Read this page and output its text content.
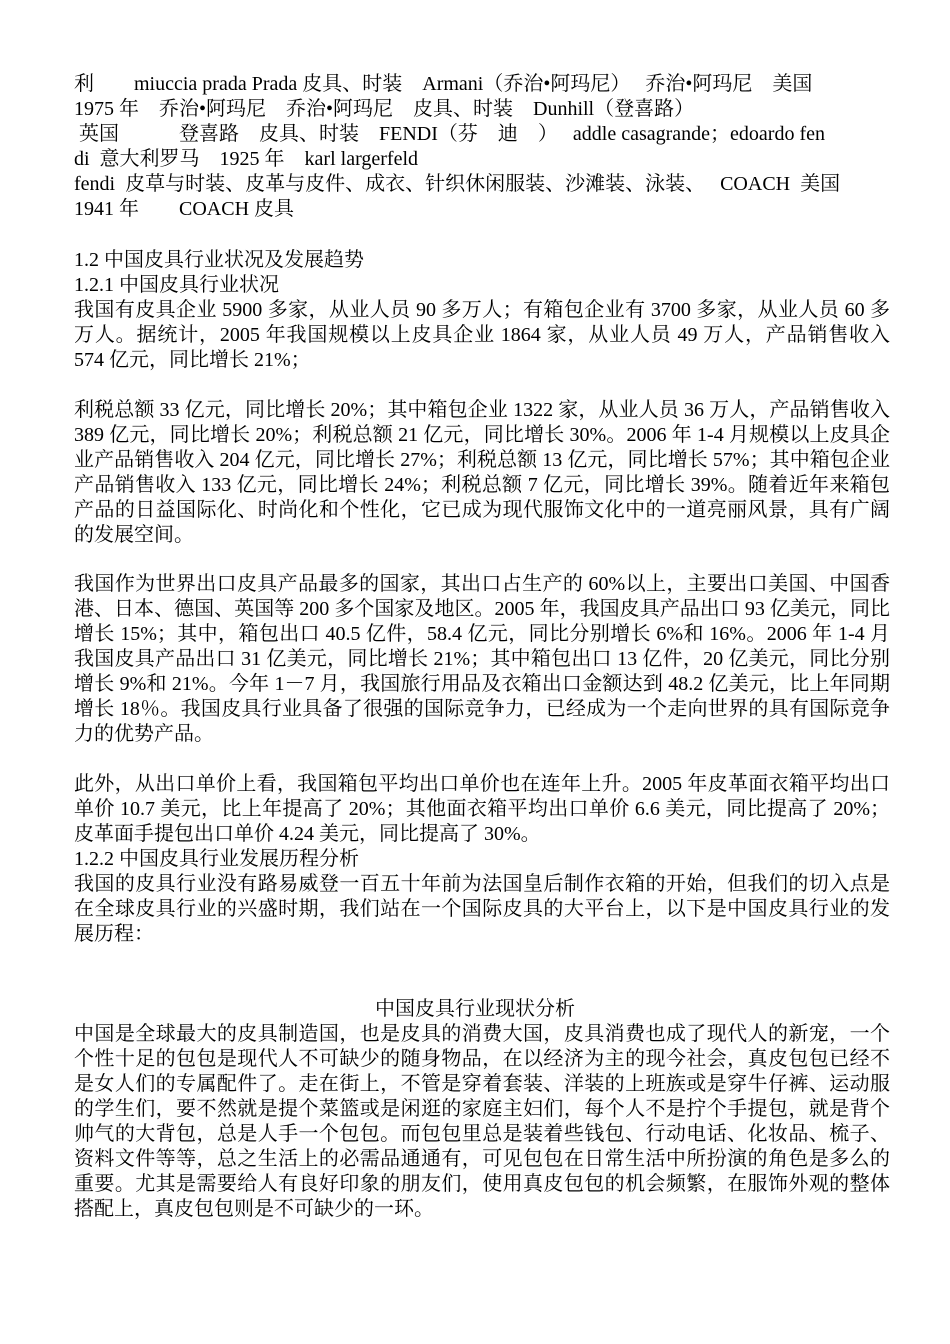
利        miuccia prada Prada 皮具、时装    Armani（乔治•阿玛尼）   乔治•阿玛尼    美国
1975 年    乔治•阿玛尼    乔治•阿玛尼    皮具、时装    Dunhill（登喜路）
英国            登喜路    皮具、时装    FENDI（芬    迪    ）   addle casagrande；edoardo fen
di  意大利罗马    1925 年    karl largerfeld
fendi  皮草与时装、皮革与皮件、成衣、针织休闲服装、沙滩装、泳装、   COACH  美国
1941 年        COACH 皮具
1.2 中国皮具行业状况及发展趋势
1.2.1 中国皮具行业状况

我国有皮具企业 5900 多家，从业人员 90 多万人；有箱包企业有 3700 多家，从业人员 60 多万人。据统计，2005 年我国规模以上皮具企业 1864 家，从业人员 49 万人，产品销售收入 574 亿元，同比增长 21%；

利税总额 33 亿元，同比增长 20%；其中箱包企业 1322 家，从业人员 36 万人，产品销售收入 389 亿元，同比增长 20%；利税总额 21 亿元，同比增长 30%。2006 年 1-4 月规模以上皮具企业产品销售收入 204 亿元，同比增长 27%；利税总额 13 亿元，同比增长 57%；其中箱包企业产品销售收入 133 亿元，同比增长 24%；利税总额 7 亿元，同比增长 39%。随着近年来箱包产品的日益国际化、时尚化和个性化，它已成为现代服饰文化中的一道亮丽风景，具有广阔的发展空间。

我国作为世界出口皮具产品最多的国家，其出口占生产的 60%以上，主要出口美国、中国香港、日本、德国、英国等 200 多个国家及地区。2005 年，我国皮具产品出口 93 亿美元，同比增长 15%；其中，箱包出口 40.5 亿件，58.4 亿元，同比分别增长 6%和 16%。2006 年 1-4 月我国皮具产品出口 31 亿美元，同比增长 21%；其中箱包出口 13 亿件，20 亿美元，同比分别增长 9%和 21%。今年 1－7 月，我国旅行用品及衣箱出口金额达到 48.2 亿美元，比上年同期增长 18％。我国皮具行业具备了很强的国际竞争力，已经成为一个走向世界的具有国际竞争力的优势产品。

此外，从出口单价上看，我国箱包平均出口单价也在连年上升。2005 年皮革面衣箱平均出口单价 10.7 美元，比上年提高了 20%；其他面衣箱平均出口单价 6.6 美元，同比提高了 20%；皮革面手提包出口单价 4.24 美元，同比提高了 30%。

1.2.2 中国皮具行业发展历程分析

我国的皮具行业没有路易威登一百五十年前为法国皇后制作衣箱的开始，但我们的切入点是在全球皮具行业的兴盛时期，我们站在一个国际皮具的大平台上，以下是中国皮具行业的发展历程：

中国皮具行业现状分析

中国是全球最大的皮具制造国，也是皮具的消费大国，皮具消费也成了现代人的新宠，一个个性十足的包包是现代人不可缺少的随身物品，在以经济为主的现今社会，真皮包包已经不是女人们的专属配件了。走在街上，不管是穿着套装、洋装的上班族或是穿牛仔裤、运动服的学生们，要不然就是提个菜篮或是闲逛的家庭主妇们，每个人不是拧个手提包，就是背个帅气的大背包，总是人手一个包包。而包包里总是装着些钱包、行动电话、化妆品、梳子、资料文件等等，总之生活上的必需品通通有，可见包包在日常生活中所扮演的角色是多么的重要。尤其是需要给人有良好印象的朋友们，使用真皮包包的机会频繁，在服饰外观的整体搭配上，真皮包包则是不可缺少的一环。
